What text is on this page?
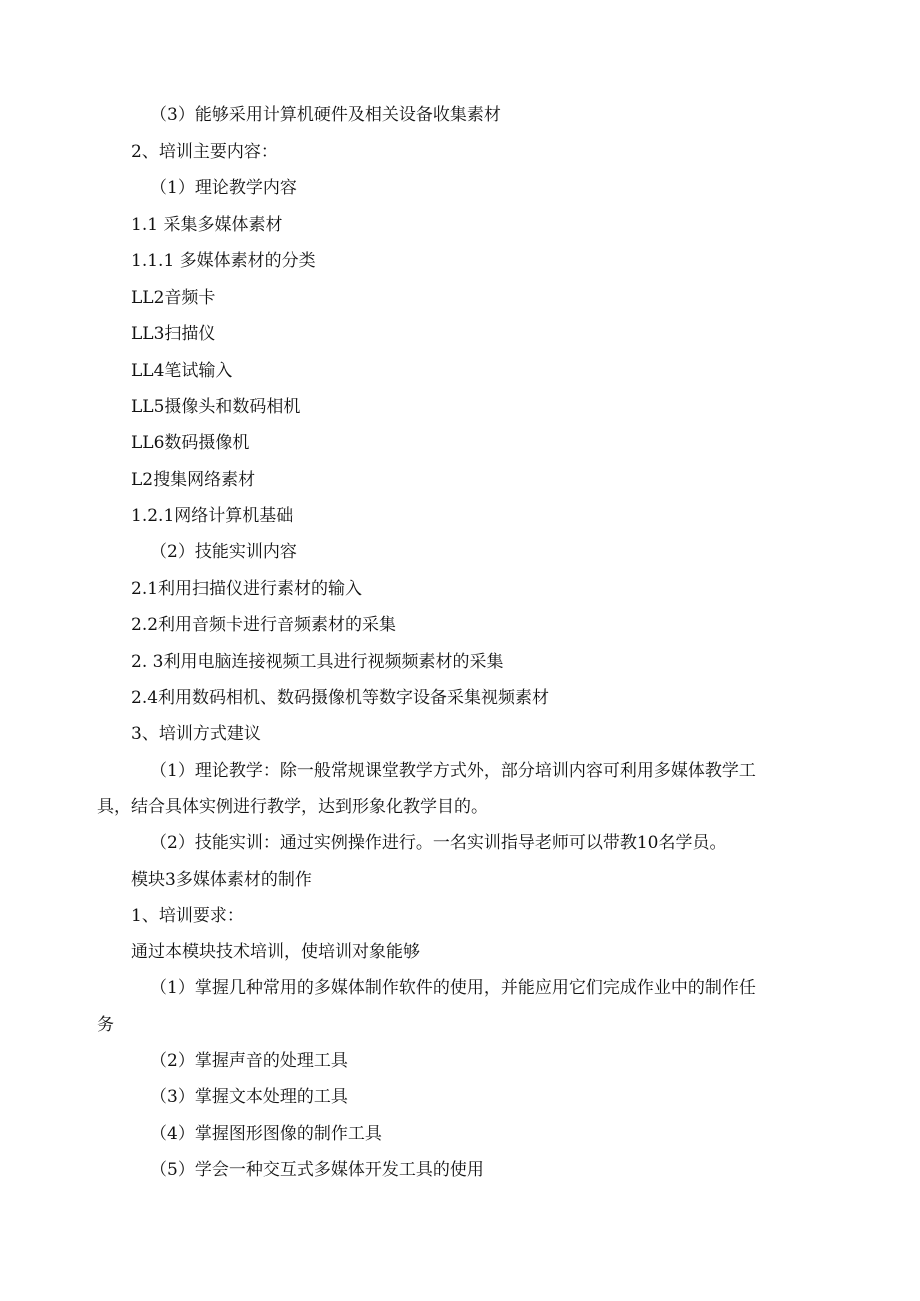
（3）能够采用计算机硬件及相关设备收集素材
2、培训主要内容：
（1）理论教学内容
1.1 采集多媒体素材
1.1.1 多媒体素材的分类
LL2音频卡
LL3扫描仪
LL4笔试输入
LL5摄像头和数码相机
LL6数码摄像机
L2搜集网络素材
1.2.1网络计算机基础
（2）技能实训内容
2.1利用扫描仪进行素材的输入
2.2利用音频卡进行音频素材的采集
2. 3利用电脑连接视频工具进行视频频素材的采集
2.4利用数码相机、数码摄像机等数字设备采集视频素材
3、培训方式建议
（1）理论教学：除一般常规课堂教学方式外，部分培训内容可利用多媒体教学工
具，结合具体实例进行教学，达到形象化教学目的。
（2）技能实训：通过实例操作进行。一名实训指导老师可以带教10名学员。
模块3多媒体素材的制作
1、培训要求：
通过本模块技术培训，使培训对象能够
（1）掌握几种常用的多媒体制作软件的使用，并能应用它们完成作业中的制作任
务
（2）掌握声音的处理工具
（3）掌握文本处理的工具
（4）掌握图形图像的制作工具
（5）学会一种交互式多媒体开发工具的使用
